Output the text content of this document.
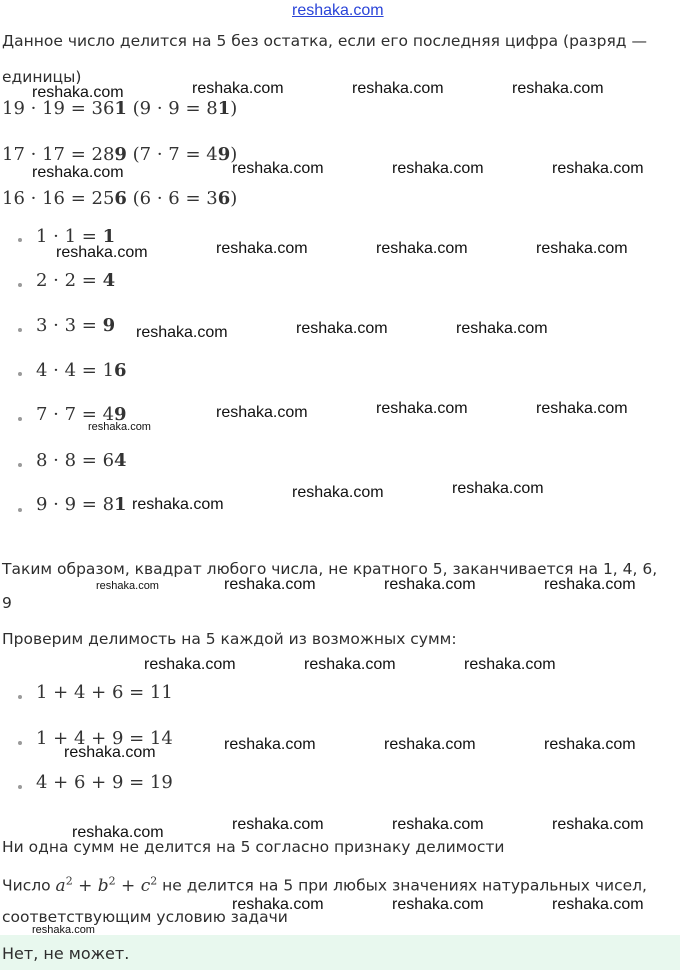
reshaka.com
Данное число делится на 5 без остатка, если его последняя цифра (разряд —
единицы)
19 · 19 = 361 (9 · 9 = 81)
17 · 17 = 289 (7 · 7 = 49)
16 · 16 = 256 (6 · 6 = 36)
1 · 1 = 1
2 · 2 = 4
3 · 3 = 9
4 · 4 = 16
7 · 7 = 49
8 · 8 = 64
9 · 9 = 81
Таким образом, квадрат любого числа, не кратного 5, заканчивается на 1, 4, 6,
9
Проверим делимость на 5 каждой из возможных сумм:
1 + 4 + 6 = 11
1 + 4 + 9 = 14
4 + 6 + 9 = 19
Ни одна сумм не делится на 5 согласно признаку делимости
Число $a^2 + b^2 + c^2$ не делится на 5 при любых значениях натуральных чисел,
соответствующим условию задачи
Нет, не может.
reshaka.com	reshaka.com	reshaka.com	reshaka.com
reshaka.com	reshaka.com	reshaka.com	reshaka.com
reshaka.com	reshaka.com	reshaka.com	reshaka.com
reshaka.com	reshaka.com	reshaka.com
reshaka.com	reshaka.com	reshaka.com
reshaka.com
reshaka.com
reshaka.com	reshaka.com
reshaka.com	reshaka.com	reshaka.com	reshaka.com
reshaka.com	reshaka.com	reshaka.com
reshaka.com	reshaka.com	reshaka.com	reshaka.com
reshaka.com	reshaka.com	reshaka.com	reshaka.com
reshaka.com	reshaka.com	reshaka.com
reshaka.com
